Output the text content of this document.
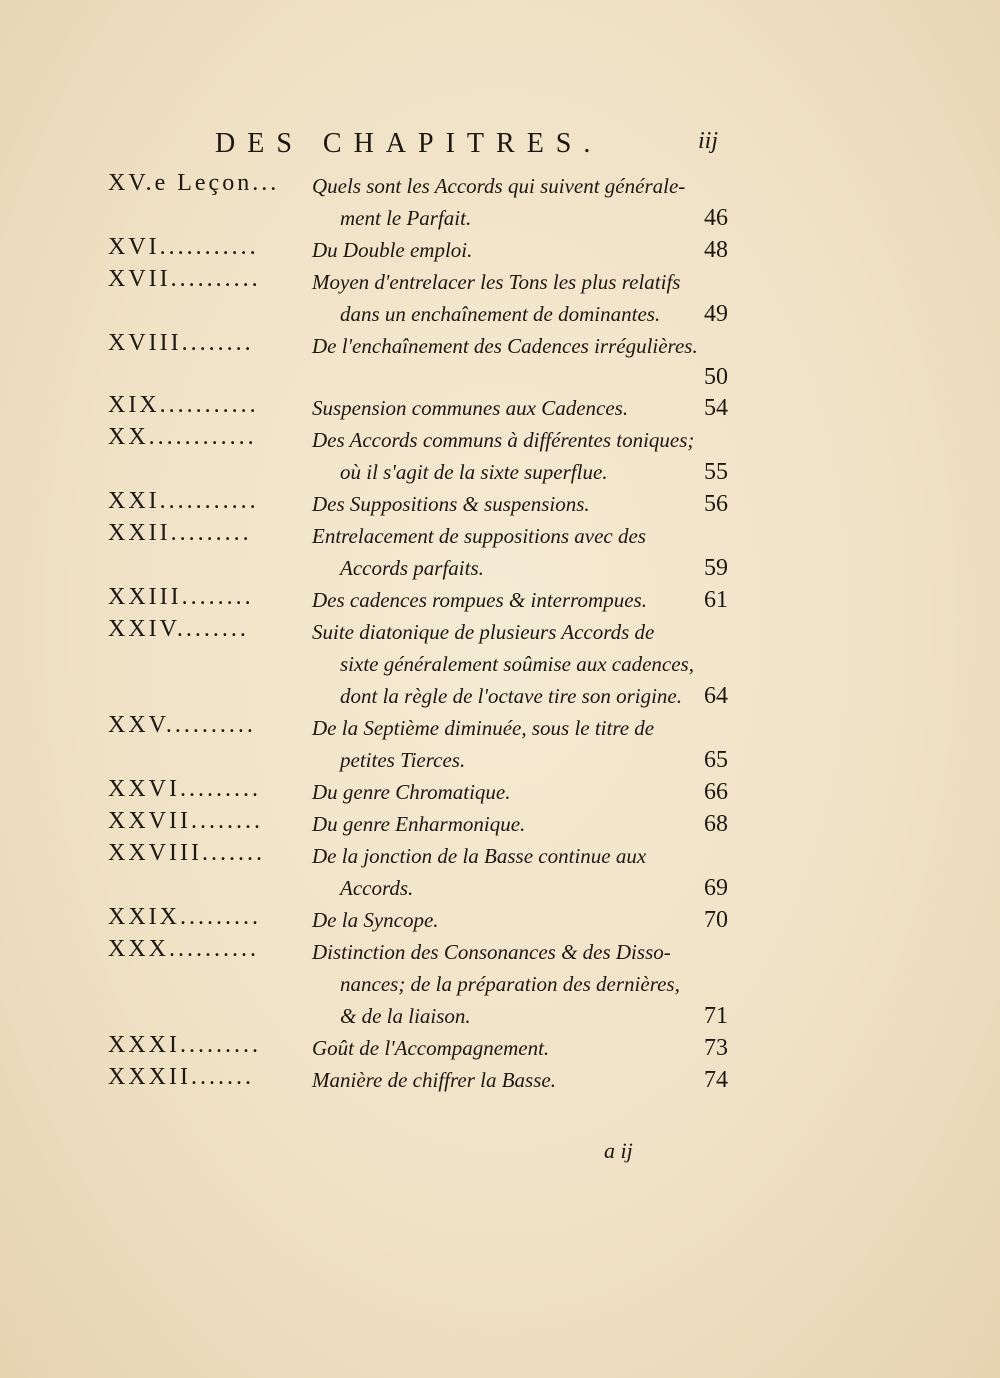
DES CHAPITRES.	iij
XV.e Leçon...	Quels sont les Accords qui suivent générale-
ment le Parfait.	46
XVI...........	Du Double emploi.	48
XVII..........	Moyen d'entrelacer les Tons les plus relatifs
dans un enchaînement de dominantes. 49
XVIII........	De l'enchaînement des Cadences irrégulières.
50
XIX...........	Suspension communes aux Cadences.	54
XX............	Des Accords communs à différentes toniques;
où il s'agit de la sixte superflue.	55
XXI...........	Des Suppositions & suspensions.	56
XXII.........	Entrelacement de suppositions avec des
Accords parfaits.	59
XXIII........	Des cadences rompues & interrompues. 61
XXIV........	Suite diatonique de plusieurs Accords de
sixte généralement soûmise aux cadences,
dont la règle de l'octave tire son origine. 64
XXV..........	De la Septième diminuée, sous le titre de
petites Tierces.	65
XXVI.........	Du genre Chromatique.	66
XXVII........	Du genre Enharmonique.	68
XXVIII.......	De la jonction de la Basse continue aux
Accords.	69
XXIX.........	De la Syncope.	70
XXX..........	Distinction des Consonances & des Disso-
nances; de la préparation des dernières,
& de la liaison.	71
XXXI.........	Goût de l'Accompagnement.	73
XXXII.......	Manière de chiffrer la Basse.	74
a ij
